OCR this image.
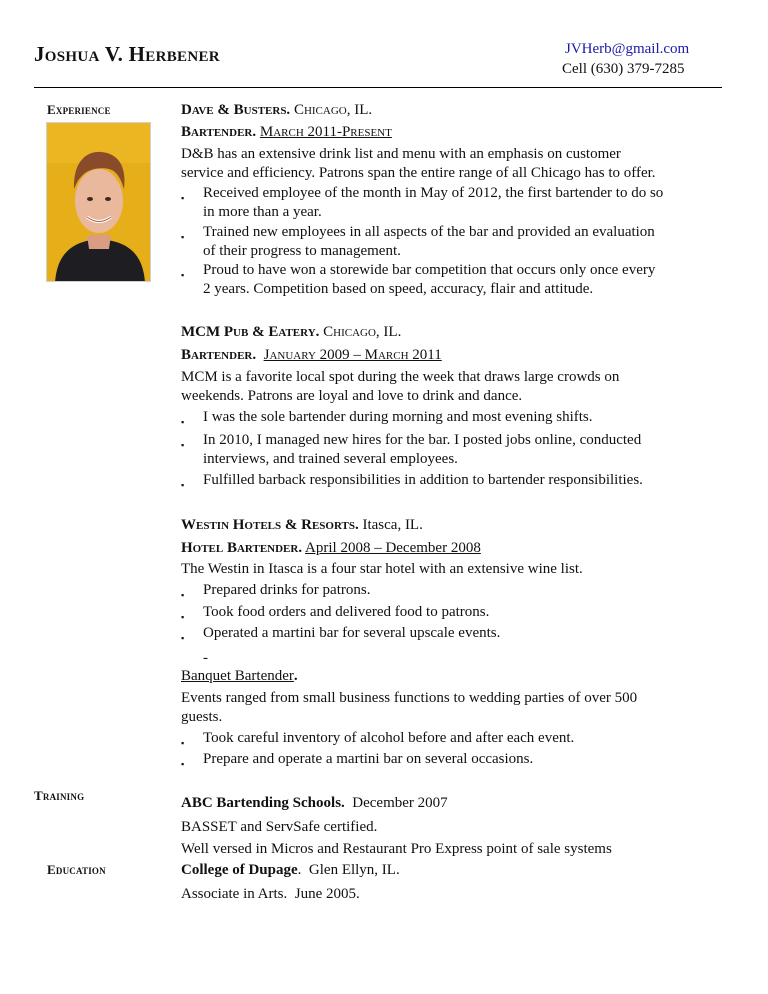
Joshua V. Herbener	JVHerb@gmail.com
Cell (630) 379-7285
Experience
Training
Education
Dave & Busters. Chicago, IL.
Bartender. March 2011-Present
D&B has an extensive drink list and menu with an emphasis on customer
service and efficiency. Patrons span the entire range of all Chicago has to offer.
▪ Received employee of the month in May of 2012, the first bartender to do so
in more than a year.
▪ Trained new employees in all aspects of the bar and provided an evaluation
of their progress to management.
▪ Proud to have won a storewide bar competition that occurs only once every
2 years. Competition based on speed, accuracy, flair and attitude.
MCM Pub & Eatery. Chicago, IL.
Bartender. January 2009 – March 2011
MCM is a favorite local spot during the week that draws large crowds on
weekends. Patrons are loyal and love to drink and dance.
▪ I was the sole bartender during morning and most evening shifts.
▪ In 2010, I managed new hires for the bar. I posted jobs online, conducted
interviews, and trained several employees.
▪ Fulfilled barback responsibilities in addition to bartender responsibilities.
Westin Hotels & Resorts. Itasca, IL.
Hotel Bartender. April 2008 – December 2008
The Westin in Itasca is a four star hotel with an extensive wine list.
▪ Prepared drinks for patrons.
▪ Took food orders and delivered food to patrons.
▪ Operated a martini bar for several upscale events.
-
Banquet Bartender.
Events ranged from small business functions to wedding parties of over 500
guests.
▪ Took careful inventory of alcohol before and after each event.
▪ Prepare and operate a martini bar on several occasions.
ABC Bartending Schools.  December 2007
BASSET and ServSafe certified.
Well versed in Micros and Restaurant Pro Express point of sale systems
College of Dupage.  Glen Ellyn, IL.
Associate in Arts.  June 2005.
